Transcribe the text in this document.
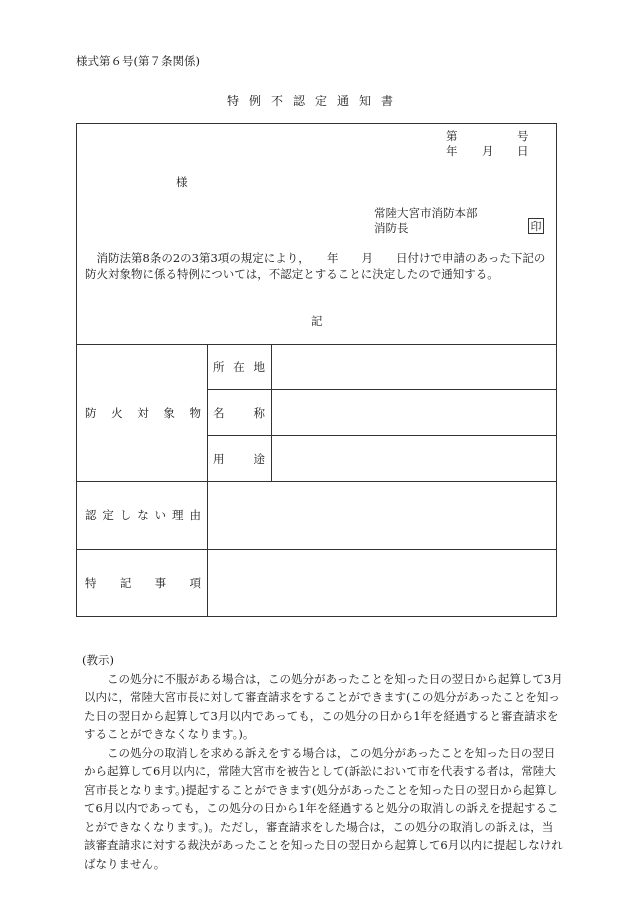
様式第６号(第７条関係)
特例不認定通知書
第	号
年 月 日
様
常陸大宮市消防本部
消防長	印
　消防法第8条の2の3第3項の規定により，　　年　　月　　日付けで申請のあった下記の防火対象物に係る特例については，不認定とすることに決定したので通知する。
記
防 火 対 象 物
所 在 地
名	称
用	途
認 定 し な い 理 由
特 記 事 項

(教示)

この処分に不服がある場合は，この処分があったことを知った日の翌日から起算して3月以内に，常陸大宮市長に対して審査請求をすることができます(この処分があったことを知った日の翌日から起算して3月以内であっても，この処分の日から1年を経過すると審査請求をすることができなくなります。)。

この処分の取消しを求める訴えをする場合は，この処分があったことを知った日の翌日から起算して6月以内に，常陸大宮市を被告として(訴訟において市を代表する者は，常陸大宮市長となります。)提起することができます(処分があったことを知った日の翌日から起算して6月以内であっても，この処分の日から1年を経過すると処分の取消しの訴えを提起することができなくなります。)。ただし，審査請求をした場合は，この処分の取消しの訴えは，当該審査請求に対する裁決があったことを知った日の翌日から起算して6月以内に提起しなければなりません。
